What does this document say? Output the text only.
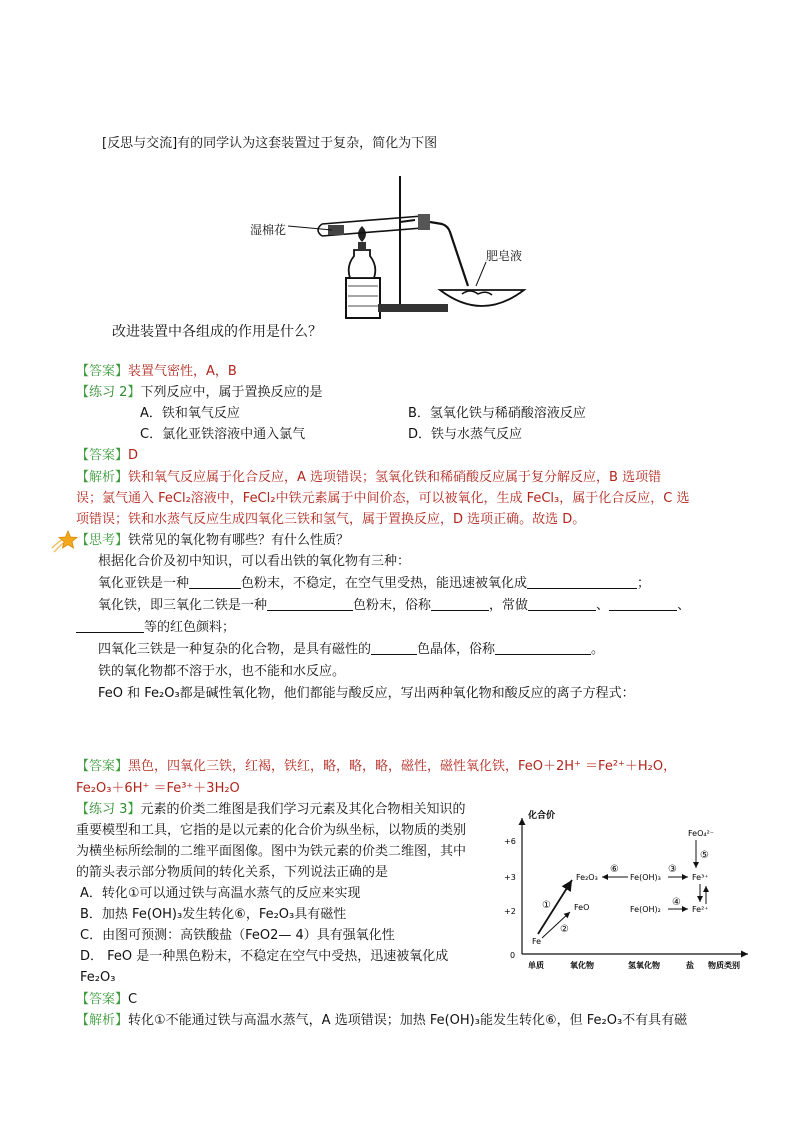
[反思与交流]有的同学认为这套装置过于复杂，简化为下图
湿棉花
肥皂液
改进装置中各组成的作用是什么？
【答案】装置气密性，A，B
【练习 2】下列反应中，属于置换反应的是
A．铁和氧气反应	B．氢氧化铁与稀硝酸溶液反应
C．氯化亚铁溶液中通入氯气	D．铁与水蒸气反应
【答案】D
【解析】铁和氧气反应属于化合反应，A 选项错误；氢氧化铁和稀硝酸反应属于复分解反应，B 选项错
误；氯气通入 FeCl₂溶液中，FeCl₂中铁元素属于中间价态，可以被氧化，生成 FeCl₃，属于化合反应，C 选
项错误；铁和水蒸气反应生成四氧化三铁和氢气，属于置换反应，D 选项正确。故选 D。
【思考】铁常见的氧化物有哪些？有什么性质？
根据化合价及初中知识，可以看出铁的氧化物有三种：
氧化亚铁是一种	色粉末，不稳定，在空气里受热，能迅速被氧化成	；
氧化铁，即三氧化二铁是一种	色粉末，俗称	，常做	、	、
等的红色颜料；
四氧化三铁是一种复杂的化合物，是具有磁性的	色晶体，俗称	。
铁的氧化物都不溶于水，也不能和水反应。
FeO 和 Fe₂O₃都是碱性氧化物，他们都能与酸反应，写出两种氧化物和酸反应的离子方程式：
【答案】黑色，四氧化三铁，红褐，铁红，略，略，略，磁性，磁性氧化铁，FeO＋2H⁺ ＝Fe²⁺＋H₂O，
Fe₂O₃＋6H⁺ ＝Fe³⁺＋3H₂O
【练习 3】元素的价类二维图是我们学习元素及其化合物相关知识的
重要模型和工具，它指的是以元素的化合价为纵坐标，以物质的类别
为横坐标所绘制的二维平面图像。图中为铁元素的价类二维图，其中
的箭头表示部分物质间的转化关系，下列说法正确的是
A．转化①可以通过铁与高温水蒸气的反应来实现
B．加热 Fe(OH)₃发生转化⑥，Fe₂O₃具有磁性
C．由图可预测：高铁酸盐（FeO2— 4）具有强氧化性
D． FeO 是一种黑色粉末，不稳定在空气中受热，迅速被氧化成
Fe₂O₃
化合价
+6
+3
+2
0
单质	氧化物	氢氧化物	盐 物质类别
Fe
FeO
Fe₂O₃	Fe(OH)₃
Fe(OH)₂
Fe³⁺
Fe²⁺
FeO₄²⁻
①
②
③
④
⑤
⑥
【答案】C
【解析】转化①不能通过铁与高温水蒸气，A 选项错误；加热 Fe(OH)₃能发生转化⑥，但 Fe₂O₃不有具有磁
